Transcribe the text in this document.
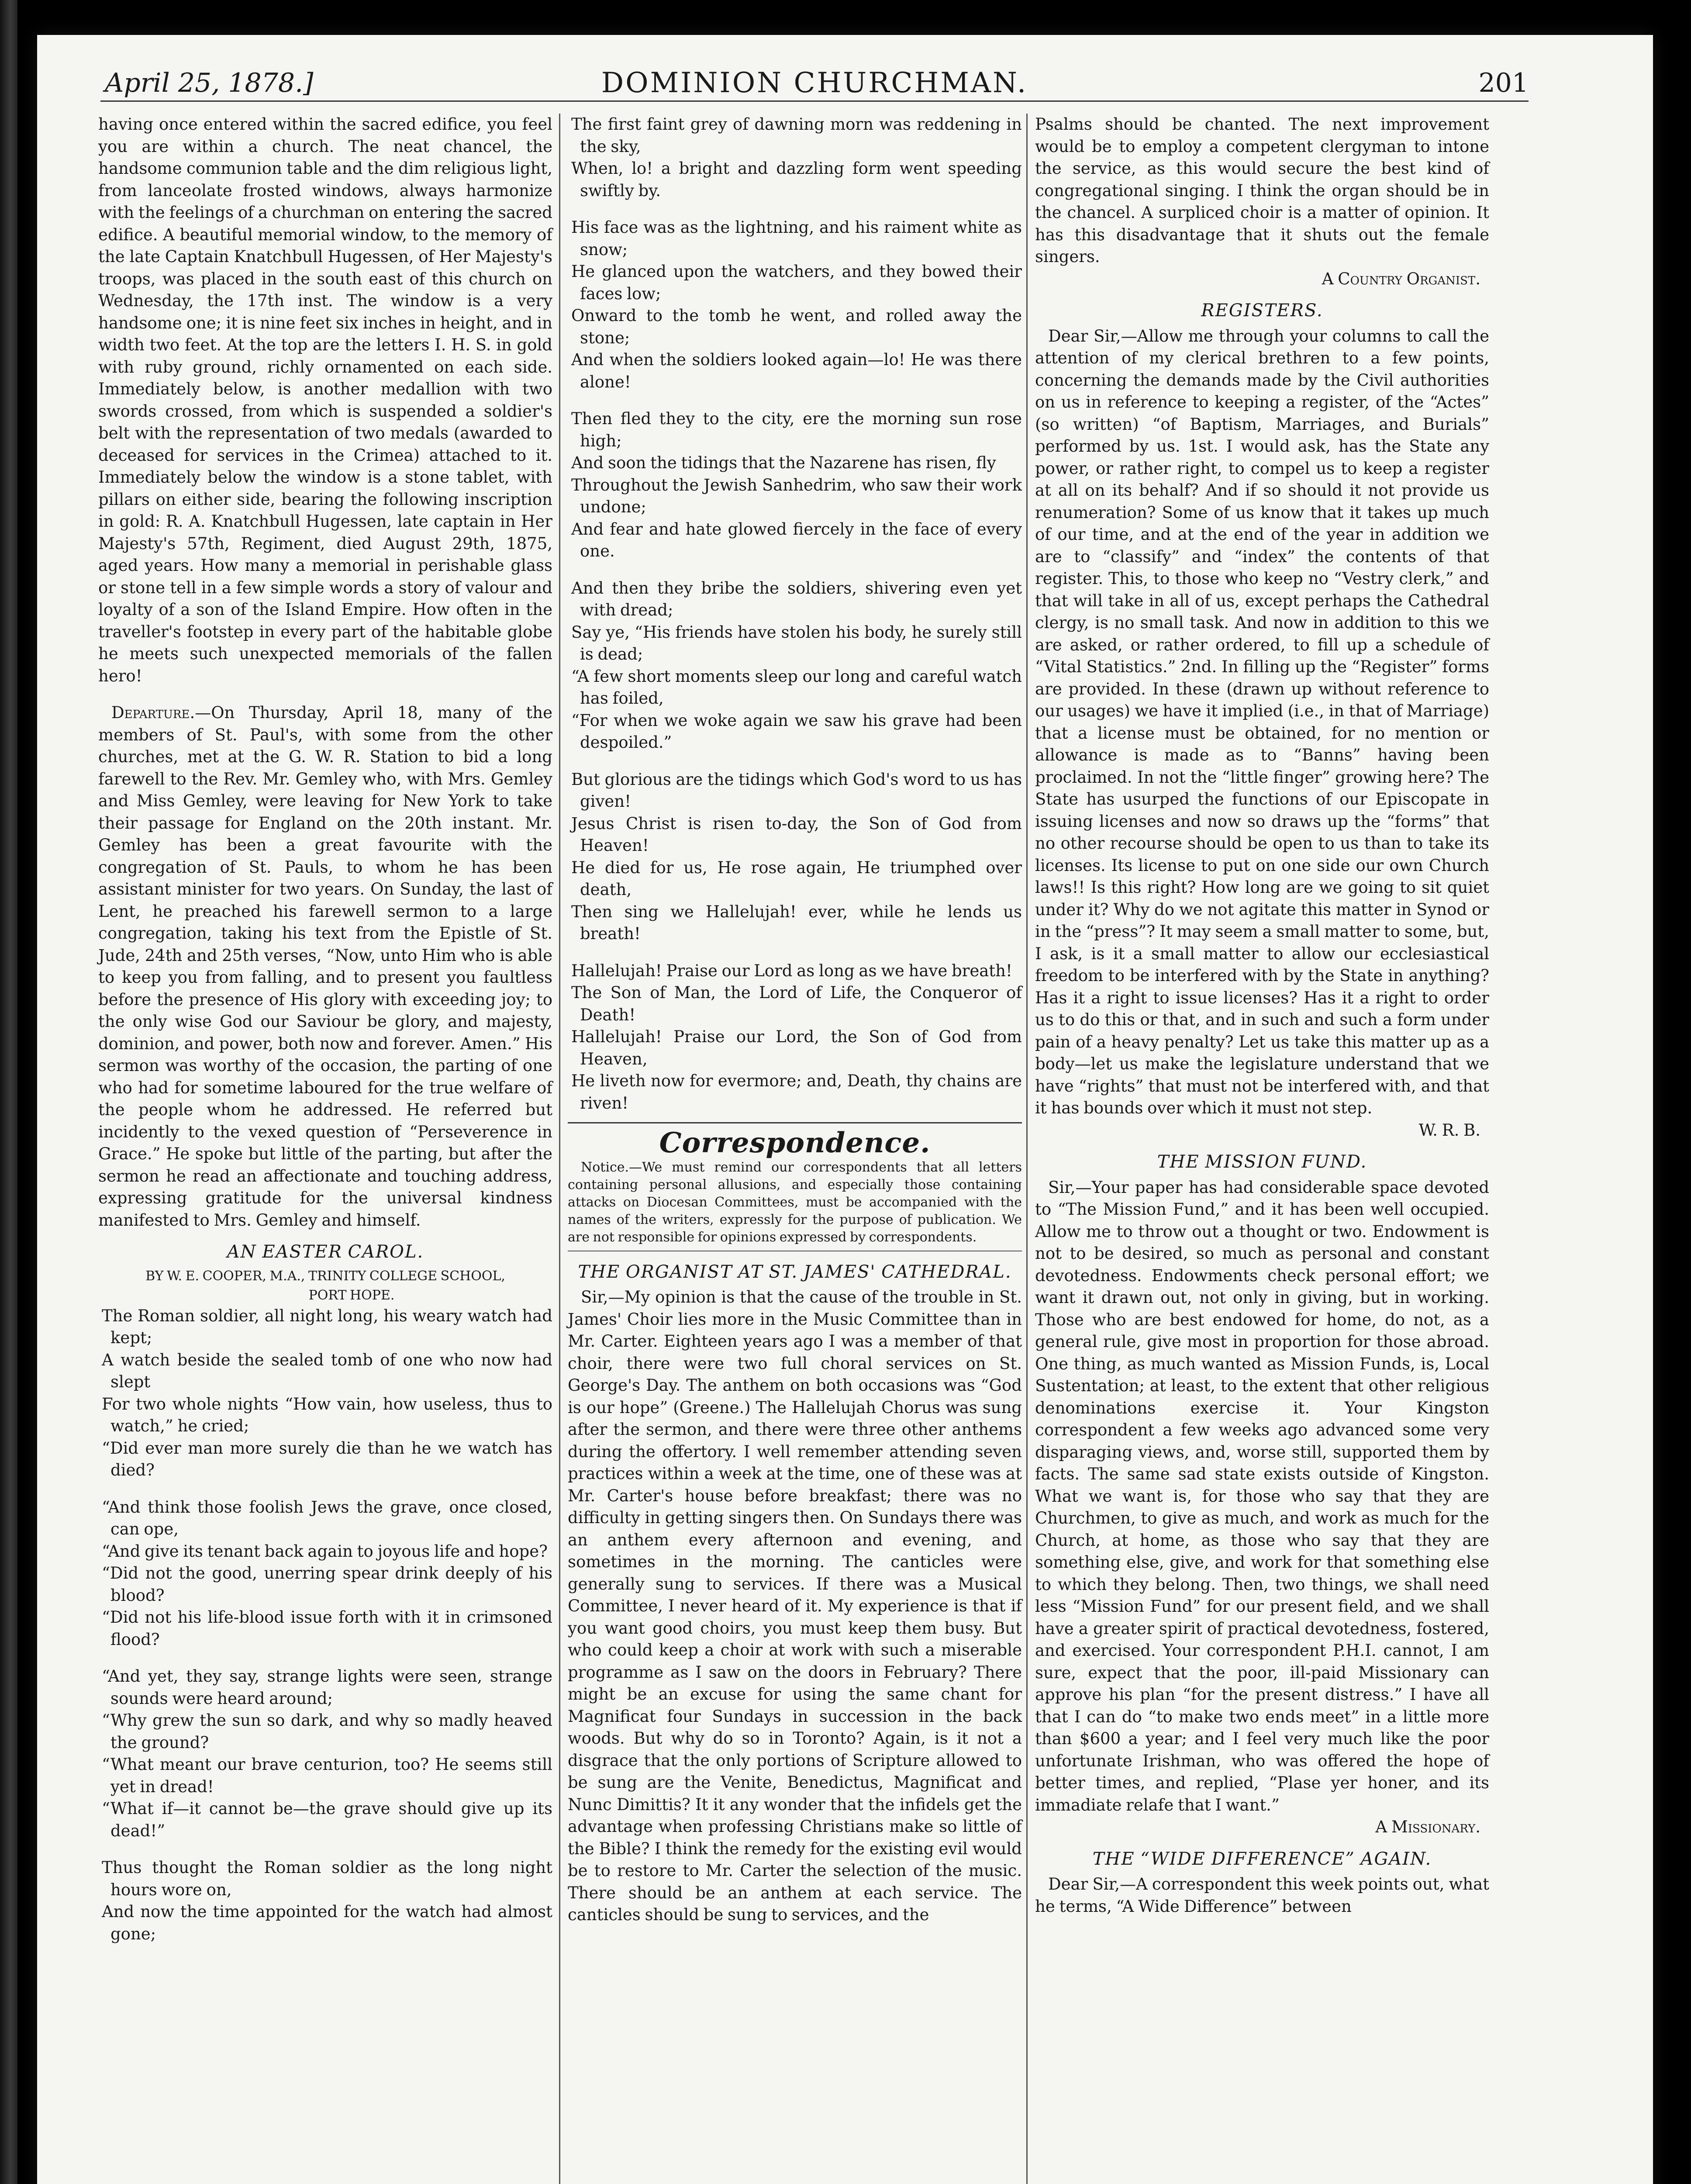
DOMINION CHURCHMAN.
April 25, 1878.]	201

having once entered within the sacred edifice, you feel you are within a church. The neat chancel, the handsome communion table and the dim religious light, from lanceolate frosted windows, always harmonize with the feelings of a churchman on entering the sacred edifice. A beautiful memorial window, to the memory of the late Captain Knatchbull Hugessen, of Her Majesty's troops, was placed in the south east of this church on Wednesday, the 17th inst. The window is a very handsome one; it is nine feet six inches in height, and in width two feet. At the top are the letters I. H. S. in gold with ruby ground, richly ornamented on each side. Immediately below, is another medallion with two swords crossed, from which is suspended a soldier's belt with the representation of two medals (awarded to deceased for services in the Crimea) attached to it. Immediately below the window is a stone tablet, with pillars on either side, bearing the following inscription in gold: R. A. Knatchbull Hugessen, late captain in Her Majesty's 57th, Regiment, died August 29th, 1875, aged years. How many a memorial in perishable glass or stone tell in a few simple words a story of valour and loyalty of a son of the Island Empire. How often in the traveller's footstep in every part of the habitable globe he meets such unexpected memorials of the fallen hero!

Departure.—On Thursday, April 18, many of the members of St. Paul's, with some from the other churches, met at the G. W. R. Station to bid a long farewell to the Rev. Mr. Gemley who, with Mrs. Gemley and Miss Gemley, were leaving for New York to take their passage for England on the 20th instant. Mr. Gemley has been a great favourite with the congregation of St. Pauls, to whom he has been assistant minister for two years. On Sunday, the last of Lent, he preached his farewell sermon to a large congregation, taking his text from the Epistle of St. Jude, 24th and 25th verses, “Now, unto Him who is able to keep you from falling, and to present you faultless before the presence of His glory with exceeding joy; to the only wise God our Saviour be glory, and majesty, dominion, and power, both now and forever. Amen.” His sermon was worthy of the occasion, the parting of one who had for sometime laboured for the true welfare of the people whom he addressed. He referred but incidently to the vexed question of “Perseverence in Grace.” He spoke but little of the parting, but after the sermon he read an affectionate and touching address, expressing gratitude for the universal kindness manifested to Mrs. Gemley and himself.

AN EASTER CAROL.

BY W. E. COOPER, M.A., TRINITY COLLEGE SCHOOL,

PORT HOPE.

The Roman soldier, all night long, his weary watch had kept;
A watch beside the sealed tomb of one who now had slept
For two whole nights “How vain, how useless, thus to watch,” he cried;
“Did ever man more surely die than he we watch has died?
“And think those foolish Jews the grave, once closed, can ope,
“And give its tenant back again to joyous life and hope?
“Did not the good, unerring spear drink deeply of his blood?
“Did not his life-blood issue forth with it in crimsoned flood?
“And yet, they say, strange lights were seen, strange sounds were heard around;
“Why grew the sun so dark, and why so madly heaved the ground?
“What meant our brave centurion, too? He seems still yet in dread!
“What if—it cannot be—the grave should give up its dead!”
Thus thought the Roman soldier as the long night hours wore on,
And now the time appointed for the watch had almost gone;
The first faint grey of dawning morn was reddening in the sky,
When, lo! a bright and dazzling form went speeding swiftly by.
His face was as the lightning, and his raiment white as snow;
He glanced upon the watchers, and they bowed their faces low;
Onward to the tomb he went, and rolled away the stone;
And when the soldiers looked again—lo! He was there alone!
Then fled they to the city, ere the morning sun rose high;
And soon the tidings that the Nazarene has risen, fly
Throughout the Jewish Sanhedrim, who saw their work undone;
And fear and hate glowed fiercely in the face of every one.
And then they bribe the soldiers, shivering even yet with dread;
Say ye, “His friends have stolen his body, he surely still is dead;
“A few short moments sleep our long and careful watch has foiled,
“For when we woke again we saw his grave had been despoiled.”
But glorious are the tidings which God's word to us has given!
Jesus Christ is risen to-day, the Son of God from Heaven!
He died for us, He rose again, He triumphed over death,
Then sing we Hallelujah! ever, while he lends us breath!
Hallelujah! Praise our Lord as long as we have breath!
The Son of Man, the Lord of Life, the Conqueror of Death!
Hallelujah! Praise our Lord, the Son of God from Heaven,
He liveth now for evermore; and, Death, thy chains are riven!
Correspondence.

Notice.—We must remind our correspondents that all letters containing personal allusions, and especially those containing attacks on Diocesan Committees, must be accompanied with the names of the writers, expressly for the purpose of publication. We are not responsible for opinions expressed by correspondents.

THE ORGANIST AT ST. JAMES' CATHEDRAL.

Sir,—My opinion is that the cause of the trouble in St. James' Choir lies more in the Music Committee than in Mr. Carter. Eighteen years ago I was a member of that choir, there were two full choral services on St. George's Day. The anthem on both occasions was “God is our hope” (Greene.) The Hallelujah Chorus was sung after the sermon, and there were three other anthems during the offertory. I well remember attending seven practices within a week at the time, one of these was at Mr. Carter's house before breakfast; there was no difficulty in getting singers then. On Sundays there was an anthem every afternoon and evening, and sometimes in the morning. The canticles were generally sung to services. If there was a Musical Committee, I never heard of it. My experience is that if you want good choirs, you must keep them busy. But who could keep a choir at work with such a miserable programme as I saw on the doors in February? There might be an excuse for using the same chant for Magnificat four Sundays in succession in the back woods. But why do so in Toronto? Again, is it not a disgrace that the only portions of Scripture allowed to be sung are the Venite, Benedictus, Magnificat and Nunc Dimittis? It it any wonder that the infidels get the advantage when professing Christians make so little of the Bible? I think the remedy for the existing evil would be to restore to Mr. Carter the selection of the music. There should be an anthem at each service. The canticles should be sung to services, and the

Psalms should be chanted. The next improvement would be to employ a competent clergyman to intone the service, as this would secure the best kind of congregational singing. I think the organ should be in the chancel. A surpliced choir is a matter of opinion. It has this disadvantage that it shuts out the female singers.

A Country Organist.

REGISTERS.

Dear Sir,—Allow me through your columns to call the attention of my clerical brethren to a few points, concerning the demands made by the Civil authorities on us in reference to keeping a register, of the “Actes” (so written) “of Baptism, Marriages, and Burials” performed by us. 1st. I would ask, has the State any power, or rather right, to compel us to keep a register at all on its behalf? And if so should it not provide us renumeration? Some of us know that it takes up much of our time, and at the end of the year in addition we are to “classify” and “index” the contents of that register. This, to those who keep no “Vestry clerk,” and that will take in all of us, except perhaps the Cathedral clergy, is no small task. And now in addition to this we are asked, or rather ordered, to fill up a schedule of “Vital Statistics.” 2nd. In filling up the “Register” forms are provided. In these (drawn up without reference to our usages) we have it implied (i.e., in that of Marriage) that a license must be obtained, for no mention or allowance is made as to “Banns” having been proclaimed. In not the “little finger” growing here? The State has usurped the functions of our Episcopate in issuing licenses and now so draws up the “forms” that no other recourse should be open to us than to take its licenses. Its license to put on one side our own Church laws!! Is this right? How long are we going to sit quiet under it? Why do we not agitate this matter in Synod or in the “press”? It may seem a small matter to some, but, I ask, is it a small matter to allow our ecclesiastical freedom to be interfered with by the State in anything? Has it a right to issue licenses? Has it a right to order us to do this or that, and in such and such a form under pain of a heavy penalty? Let us take this matter up as a body—let us make the legislature understand that we have “rights” that must not be interfered with, and that it has bounds over which it must not step.

W. R. B.

THE MISSION FUND.

Sir,—Your paper has had considerable space devoted to “The Mission Fund,” and it has been well occupied. Allow me to throw out a thought or two. Endowment is not to be desired, so much as personal and constant devotedness. Endowments check personal effort; we want it drawn out, not only in giving, but in working. Those who are best endowed for home, do not, as a general rule, give most in proportion for those abroad. One thing, as much wanted as Mission Funds, is, Local Sustentation; at least, to the extent that other religious denominations exercise it. Your Kingston correspondent a few weeks ago advanced some very disparaging views, and, worse still, supported them by facts. The same sad state exists outside of Kingston. What we want is, for those who say that they are Churchmen, to give as much, and work as much for the Church, at home, as those who say that they are something else, give, and work for that something else to which they belong. Then, two things, we shall need less “Mission Fund” for our present field, and we shall have a greater spirit of practical devotedness, fostered, and exercised. Your correspondent P.H.I. cannot, I am sure, expect that the poor, ill-paid Missionary can approve his plan “for the present distress.” I have all that I can do “to make two ends meet” in a little more than $600 a year; and I feel very much like the poor unfortunate Irishman, who was offered the hope of better times, and replied, “Plase yer honer, and its immadiate relafe that I want.”

A Missionary.

THE “WIDE DIFFERENCE” AGAIN.

Dear Sir,—A correspondent this week points out, what he terms, “A Wide Difference” between
